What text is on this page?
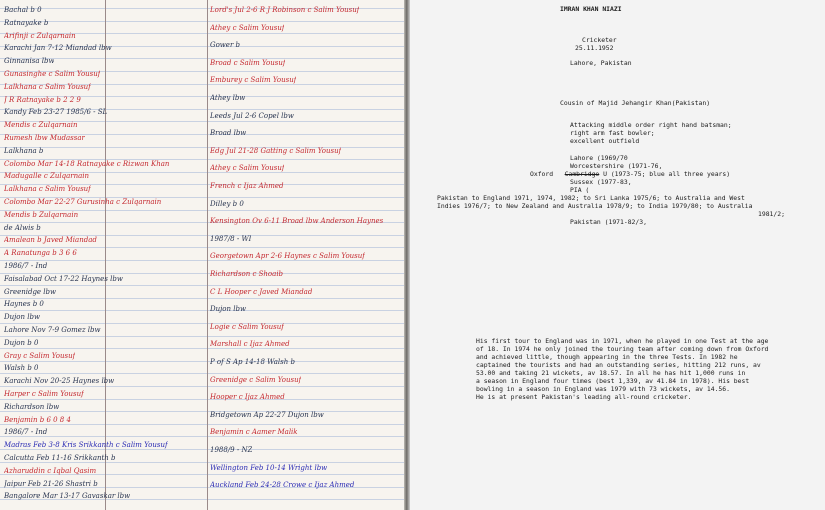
Bachal b 0
Ratnayake b
Arifinji c Zulqarnain
Karachi Jan 7-12 Miandad lbw
Ginnanisa lbw
Gunasinghe c Salim Yousuf
Lalkhana c Salim Yousuf
J R Ratnayake b 2 2 9
Kandy Feb 23-27 1985/6 - SL
Mendis c Zulqarnain
Rumesh lbw Mudassar
Lalkhana b
Colombo Mar 14-18 Ratnayake c Rizwan Khan
Madugalle c Zulqarnain
Lalkhana c Salim Yousuf
Colombo Mar 22-27 Gurusinha c Zulqarnain
Mendis b Zulqarnain
de Alwis b
Amalean b Javed Miandad
A Ranatunga b 3 6 6
1986/7 - Ind
Faisalabad Oct 17-22 Haynes lbw
Greenidge lbw
Haynes b 0
Dujon lbw
Lahore Nov 7-9 Gomez lbw
Dujon b 0
Gray c Salim Yousuf
Walsh b 0
Karachi Nov 20-25 Haynes lbw
Harper c Salim Yousuf
Richardson lbw
Benjamin b 6 0 8 4
1986/7 - Ind
Madras Feb 3-8 Kris Srikkanth c Salim Yousuf
Calcutta Feb 11-16 Srikkanth b
Azharuddin c Iqbal Qasim
Jaipur Feb 21-26 Shastri b
Bangalore Mar 13-17 Gavaskar lbw
Lord's Jul 2-6 R J Robinson c Salim Yousuf
Athey c Salim Yousuf
Gower b
Broad c Salim Yousuf
Emburey c Salim Yousuf
Athey lbw
Leeds Jul 2-6 Copel lbw
Broad lbw
Edg Jul 21-28 Gatting c Salim Yousuf
Athey c Salim Yousuf
French c Ijaz Ahmed
Dilley b 0
Kensington Ov 6-11 Broad lbw Anderson Haynes
1987/8 - WI
Georgetown Apr 2-6 Haynes c Salim Yousuf
Richardson c Shoaib
C L Hooper c Javed Miandad
Dujon lbw
Logie c Salim Yousuf
Marshall c Ijaz Ahmed
P of S Ap 14-18 Walsh b
Greenidge c Salim Yousuf
Hooper c Ijaz Ahmed
Bridgetown Ap 22-27 Dujon lbw
Benjamin c Aamer Malik
1988/9 - NZ
Wellington Feb 10-14 Wright lbw
Auckland Feb 24-28 Crowe c Ijaz Ahmed
IMRAN KHAN NIAZI
Cricketer
25.11.1952
Lahore, Pakistan
Cousin of Majid Jehangir Khan(Pakistan)
Attacking middle order right hand batsman;
right arm fast bowler;
excellent outfield
Lahore (1969/70
Worcestershire (1971-76,
Oxford   Cambridge U (1973-75; blue all three years)
Sussex (1977-83,
PIA (
Pakistan to England 1971, 1974, 1982; to Sri Lanka 1975/6; to Australia and West
Indies 1976/7; to New Zealand and Australia 1978/9; to India 1979/80; to Australia
1981/2;
Pakistan (1971-82/3,
His first tour to England was in 1971, when he played in one Test at the age
of 18. In 1974 he only joined the touring team after coming down from Oxford
and achieved little, though appearing in the three Tests. In 1982 he
captained the tourists and had an outstanding series, hitting 212 runs, av
53.00 and taking 21 wickets, av 18.57. In all he has hit 1,000 runs in
a season in England four times (best 1,339, av 41.84 in 1978). His best
bowling in a season in England was 1979 with 73 wickets, av 14.56.
He is at present Pakistan's leading all-round cricketer.
